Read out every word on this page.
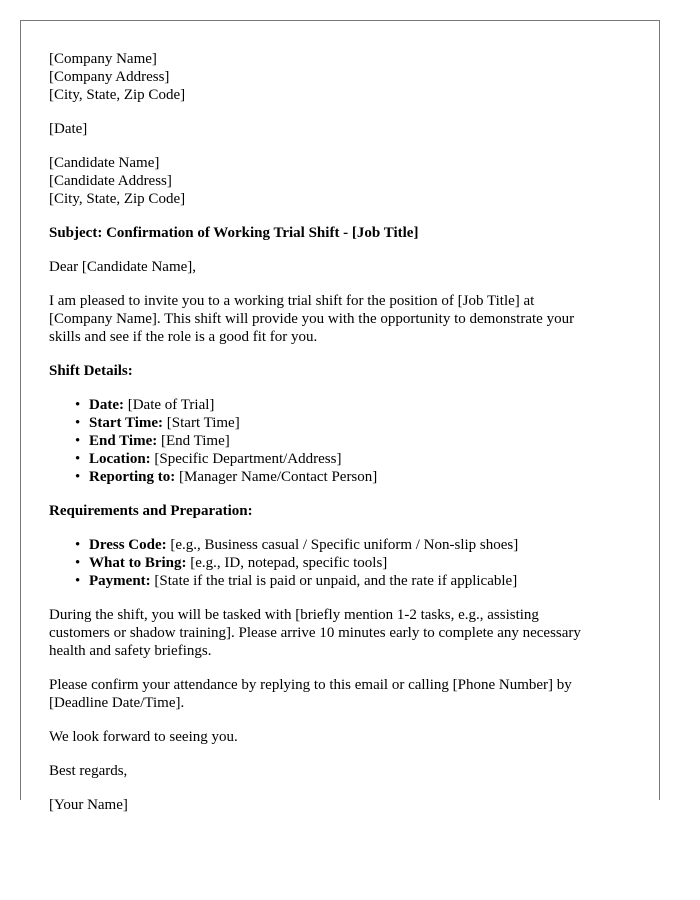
[Company Name]
[Company Address]
[City, State, Zip Code]
[Date]
[Candidate Name]
[Candidate Address]
[City, State, Zip Code]
Subject: Confirmation of Working Trial Shift - [Job Title]
Dear [Candidate Name],
I am pleased to invite you to a working trial shift for the position of [Job Title] at
[Company Name]. This shift will provide you with the opportunity to demonstrate your
skills and see if the role is a good fit for you.
Shift Details:
• Date: [Date of Trial]
• Start Time: [Start Time]
• End Time: [End Time]
• Location: [Specific Department/Address]
• Reporting to: [Manager Name/Contact Person]
Requirements and Preparation:
• Dress Code: [e.g., Business casual / Specific uniform / Non-slip shoes]
• What to Bring: [e.g., ID, notepad, specific tools]
• Payment: [State if the trial is paid or unpaid, and the rate if applicable]
During the shift, you will be tasked with [briefly mention 1-2 tasks, e.g., assisting
customers or shadow training]. Please arrive 10 minutes early to complete any necessary
health and safety briefings.
Please confirm your attendance by replying to this email or calling [Phone Number] by
[Deadline Date/Time].
We look forward to seeing you.
Best regards,
[Your Name]
